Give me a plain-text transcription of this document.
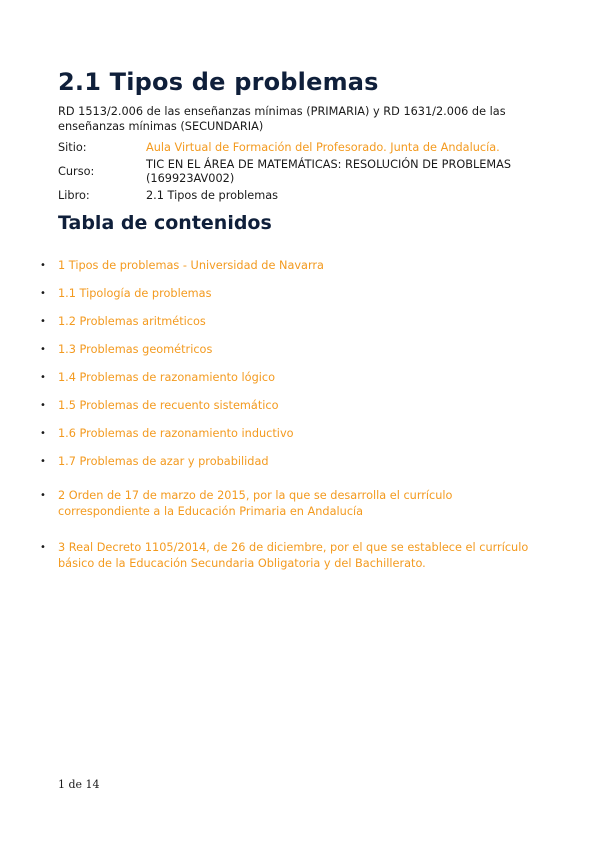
2.1 Tipos de problemas
RD 1513/2.006 de las enseñanzas mínimas (PRIMARIA) y RD 1631/2.006 de las enseñanzas mínimas (SECUNDARIA)
Sitio:	Aula Virtual de Formación del Profesorado. Junta de Andalucía.
Curso:
TIC EN EL ÁREA DE MATEMÁTICAS: RESOLUCIÓN DE PROBLEMAS (169923AV002)
Libro:	2.1 Tipos de problemas
Tabla de contenidos
• 1 Tipos de problemas - Universidad de Navarra
• 1.1 Tipología de problemas
• 1.2 Problemas aritméticos
• 1.3 Problemas geométricos
• 1.4 Problemas de razonamiento lógico
• 1.5 Problemas de recuento sistemático
• 1.6 Problemas de razonamiento inductivo
• 1.7 Problemas de azar y probabilidad
• 2 Orden de 17 de marzo de 2015, por la que se desarrolla el currículo correspondiente a la Educación Primaria en Andalucía
• 3 Real Decreto 1105/2014, de 26 de diciembre, por el que se establece el currículo básico de la Educación Secundaria Obligatoria y del Bachillerato.
1 de 14
